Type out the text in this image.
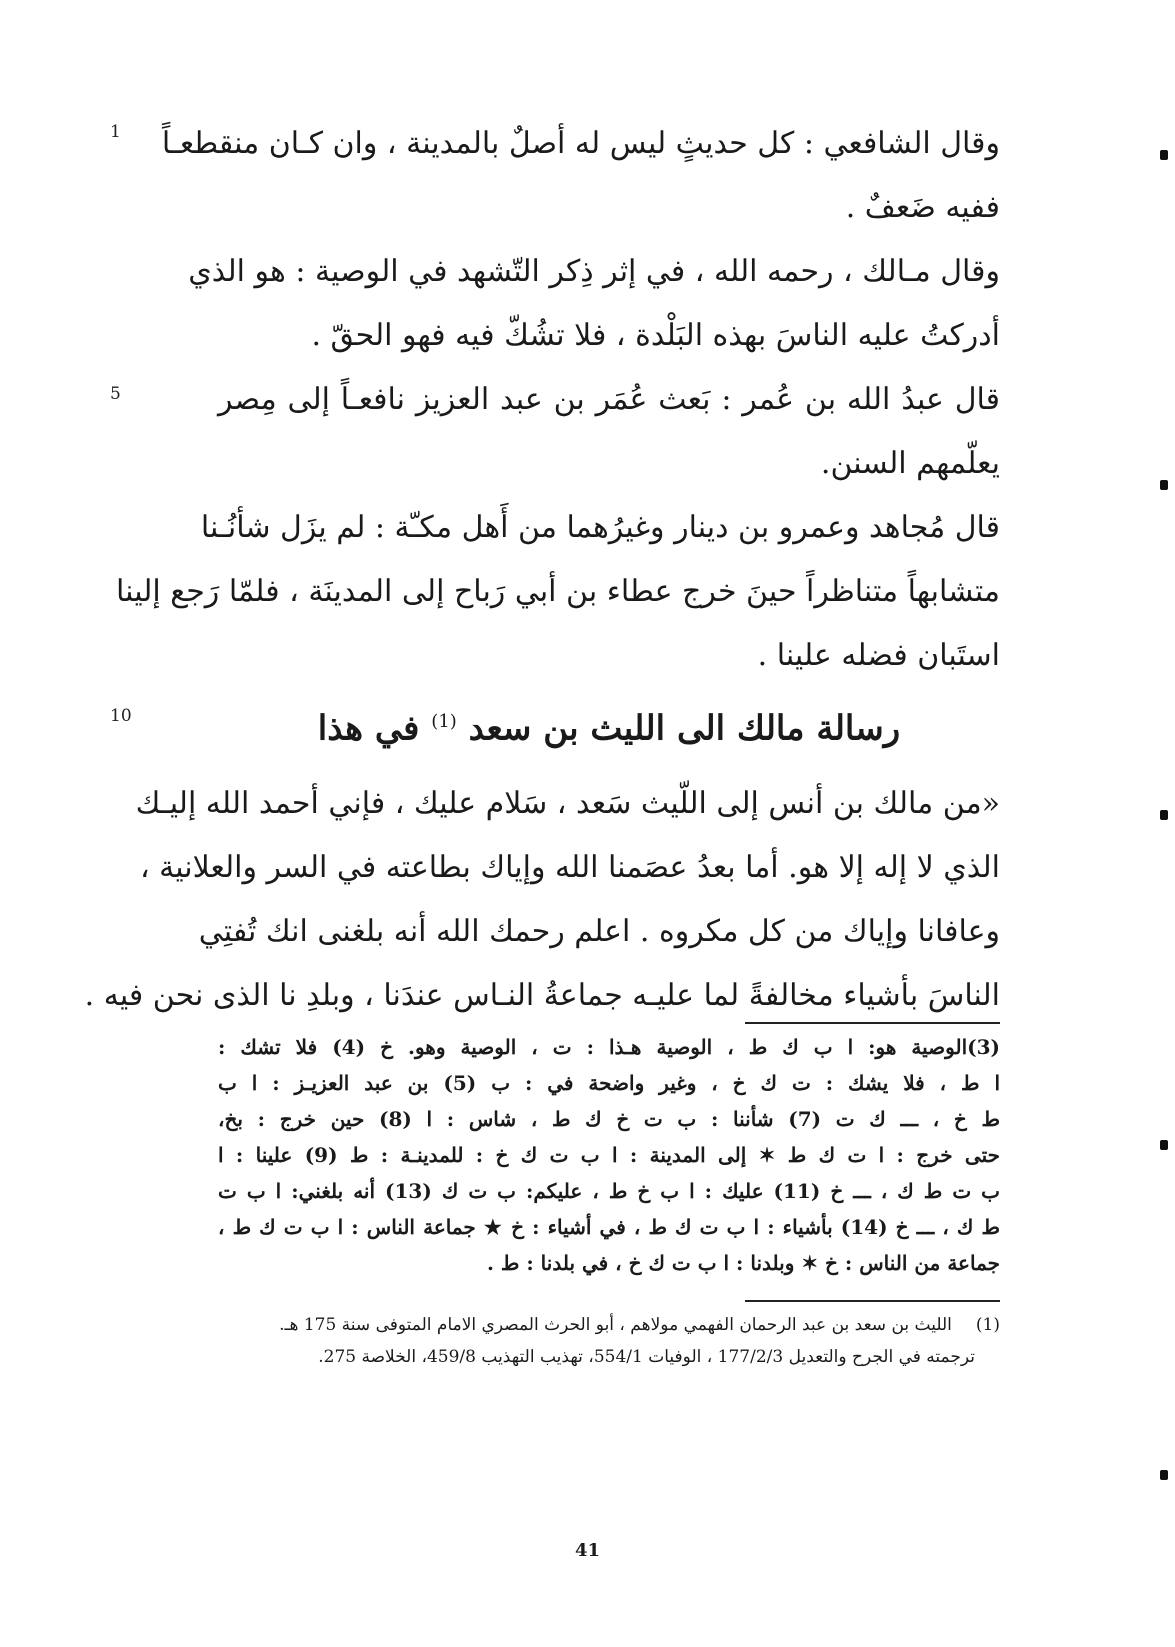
1
5
10
وقال الشافعي : كل حديثٍ ليس له أصلٌ بالمدينة ، وان كـان منقطعـاً
ففيه ضَعفٌ .
وقال مـالك ، رحمه الله ، في إثر ذِكر التّشهد في الوصية : هو الذي
أدركتُ عليه الناسَ بهذه البَلْدة ، فلا تشُكّ فيه فهو الحقّ .
قال عبدُ الله بن عُمر : بَعث عُمَر بن عبد العزيز نافعـاً إلى مِصر
يعلّمهم السنن.
قال مُجاهد وعمرو بن دينار وغيرُهما من أَهل مكـّة : لم يزَل شأنُـنا
متشابهاً متناظراً حينَ خرج عطاء بن أبي رَباح إلى المدينَة ، فلمّا رَجع إلينا
استَبان فضله علينا .
رسالة مالك الى الليث بن سعد $^{(1)}$ في هذا
«من مالك بن أنس إلى اللّيث سَعد ، سَلام عليك ، فإني أحمد الله إليـك
الذي لا إله إلا هو. أما بعدُ عصَمنا الله وإياك بطاعته في السر والعلانية ،
وعافانا وإياك من كل مكروه . اعلم رحمك الله أنه بلغنى انك تُفتِي
الناسَ بأشياء مخالفةً لما عليـه جماعةُ النـاس عندَنا ، وبلدِ نا الذى نحن فيه .
(3)الوصية هو: ا ب ك ط ، الوصية هـذا : ت ، الوصية وهو. خ (4) فلا تشك :
ا ط ، فلا يشك : ت ك خ ، وغير واضحة في : ب (5) بن عبد العزيـز : ا ب
ط خ ، ـــ ك ت (7) شأننا : ب ت خ ك ط ، شاس : ا (8) حين خرج : بخ،
حتى خرج : ا ت ك ط ✶ إلى المدينة : ا ب ت ك خ : للمدينـة : ط (9) علينا : ا
ب ت ط ك ، ـــ خ (11) عليك : ا ب خ ط ، عليكم: ب ت ك (13) أنه بلغني: ا ب ت
ط ك ، ـــ خ (14) بأشياء : ا ب ت ك ط ، في أشياء : خ ★ جماعة الناس : ا ب ت ك ط ،
جماعة من الناس : خ ✶ وبلدنا : ا ب ت ك خ ، في بلدنا : ط .
(1)الليث بن سعد بن عبد الرحمان الفهمي مولاهم ، أبو الحرث المصري الامام المتوفى سنة 175 هـ.
ترجمته في الجرح والتعديل 177/2/3 ، الوفيات 554/1، تهذيب التهذيب 459/8، الخلاصة 275.
41
